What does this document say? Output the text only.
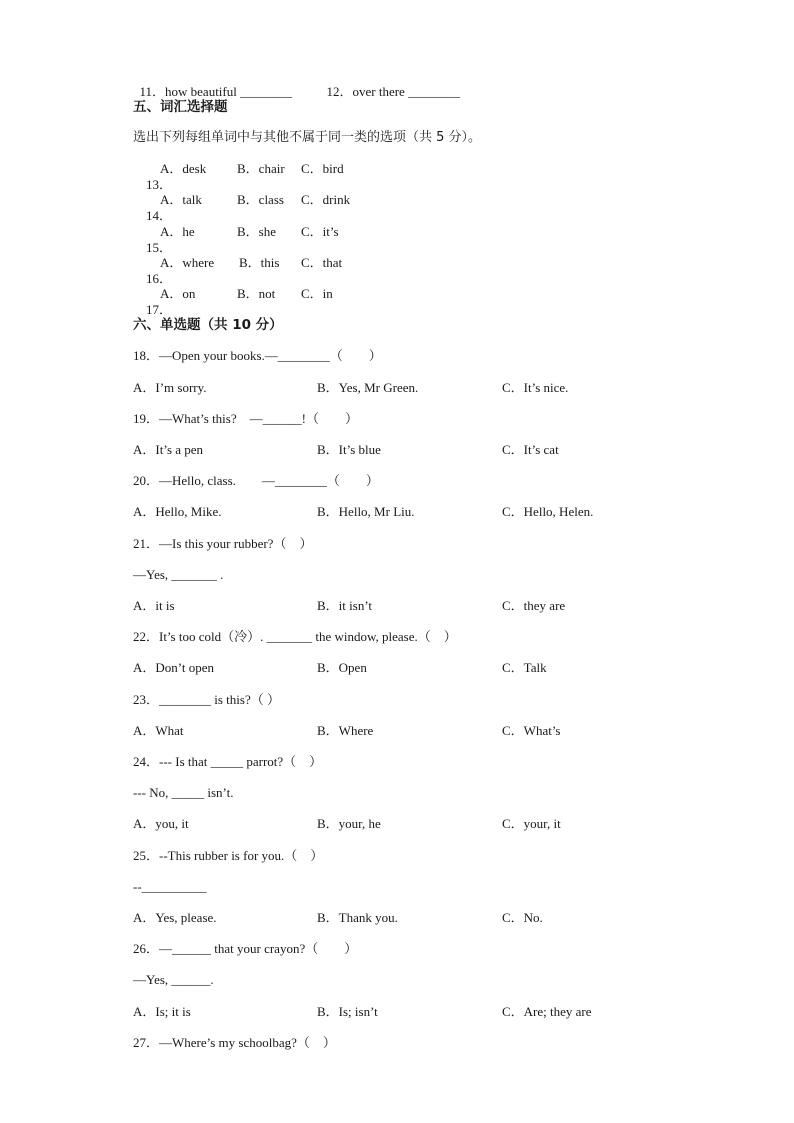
11．how beautiful ________	12．over there ________

五、词汇选择题
选出下列每组单词中与其他不属于同一类的选项（共 5 分）。

13．

A．desk B．chair C．bird

14．

A．talk	B．class C．drink

15．

A．he	B．she C．it’s

16．

A．where B．this C．that

17．

A．on	B．not C．in
六、单选题（共 10 分）
18．—Open your books.—________（　　）
A．I’m sorry.	B．Yes, Mr Green.	C．It’s nice.
19．—What’s this?　—______!（　　）
A．It’s a pen	B．It’s blue	C．It’s cat
20．—Hello, class.　　—________（　　）
A．Hello, Mike.	B．Hello, Mr Liu.	C．Hello, Helen.
21．—Is this your rubber?（　）
—Yes, _______ .
A．it is	B．it isn’t	C．they are
22．It’s too cold（冷）. _______ the window, please.（　）
A．Don’t open	B．Open	C．Talk
23．________ is this?（ ）
A．What	B．Where	C．What’s
24．--- Is that _____ parrot?（　）
--- No, _____ isn’t.
A．you, it	B．your, he	C．your, it
25．--This rubber is for you.（　）
--__________
A．Yes, please.	B．Thank you.	C．No.
26．—______ that your crayon?（　　）
—Yes, ______.
A．Is; it is	B．Is; isn’t	C．Are; they are
27．—Where’s my schoolbag?（　）
